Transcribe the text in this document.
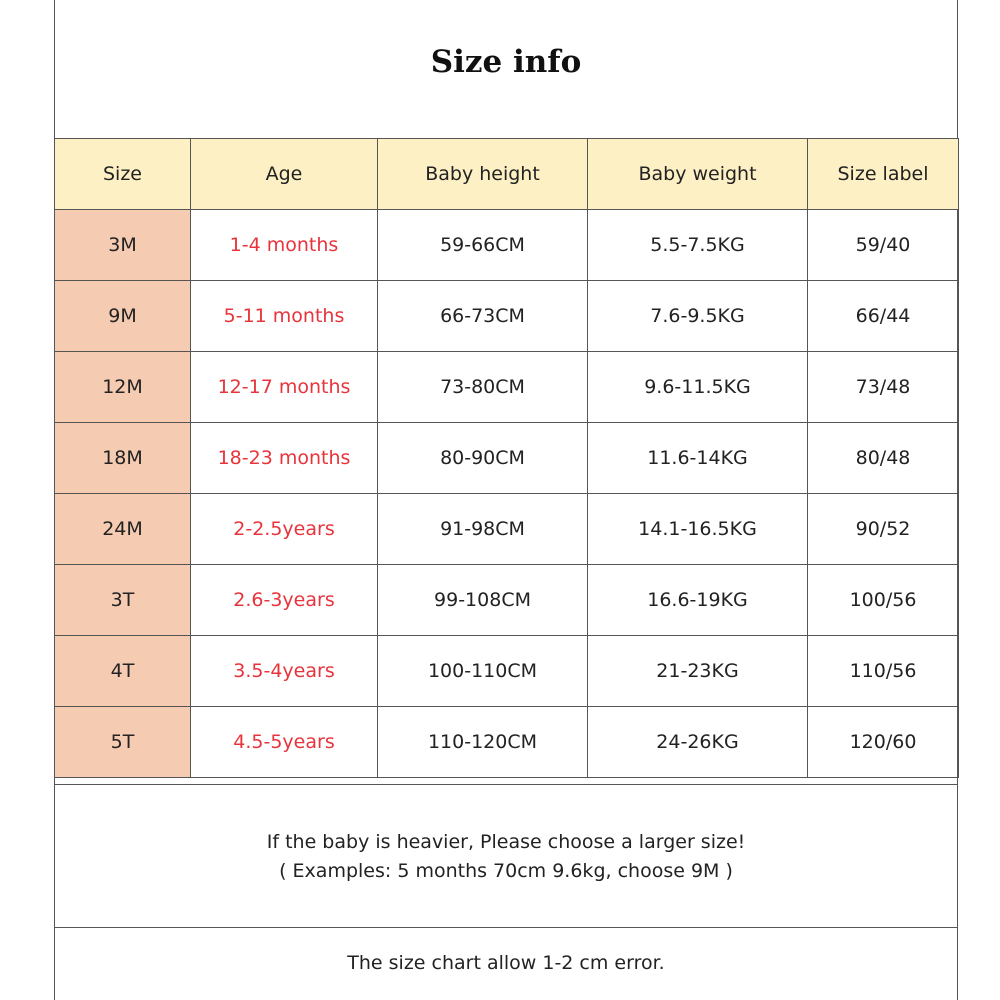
Size info
Size	Age	Baby height	Baby weight	Size label
3M	1-4 months	59-66CM	5.5-7.5KG	59/40
9M	5-11 months	66-73CM	7.6-9.5KG	66/44
12M	12-17 months	73-80CM	9.6-11.5KG	73/48
18M	18-23 months	80-90CM	11.6-14KG	80/48
24M	2-2.5years	91-98CM	14.1-16.5KG	90/52
3T	2.6-3years	99-108CM	16.6-19KG	100/56
4T	3.5-4years	100-110CM	21-23KG	110/56
5T	4.5-5years	110-120CM	24-26KG	120/60
If the baby is heavier, Please choose a larger size!
( Examples: 5 months 70cm 9.6kg, choose 9M )
The size chart allow 1-2 cm error.
